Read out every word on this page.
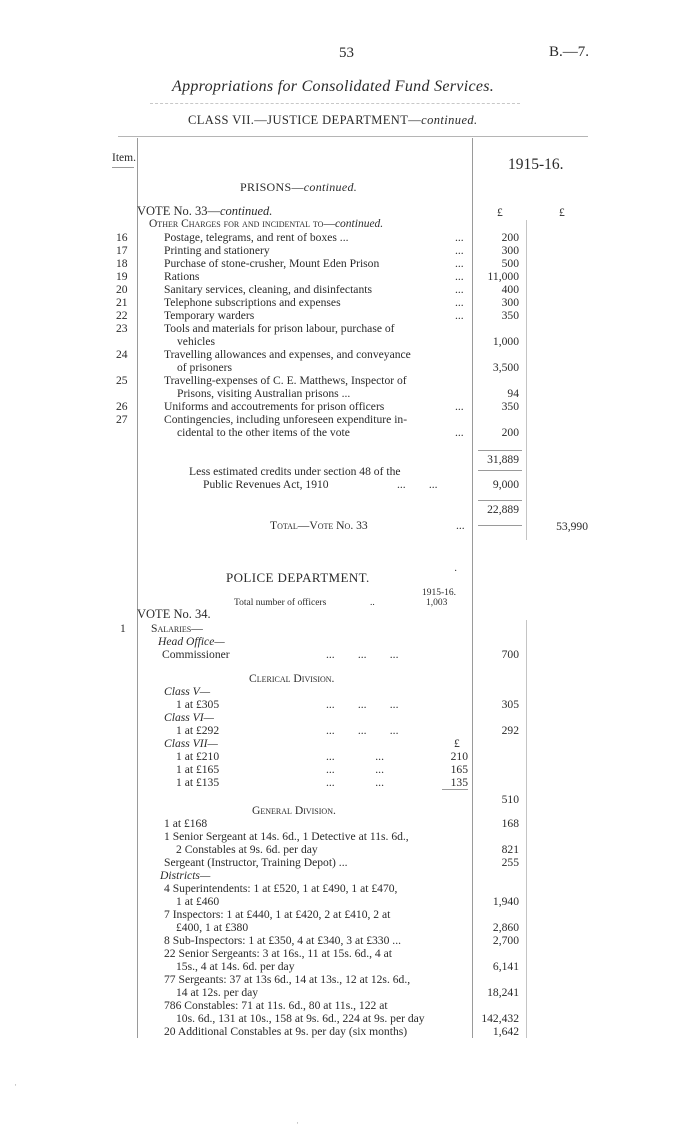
53	B.—7.
Appropriations for Consolidated Fund Services.
CLASS VII.—JUSTICE DEPARTMENT—continued.
Item.	1915-16.
PRISONS—continued.
VOTE No. 33—continued.	£	£
Other Charges for and incidental to—continued.
16	Postage, telegrams, and rent of boxes ...	...	200
17	Printing and stationery	...	300
18	Purchase of stone-crusher, Mount Eden Prison	...	500
19	Rations	...	11,000
20	Sanitary services, cleaning, and disinfectants	...	400
21	Telephone subscriptions and expenses	...	300
22	Temporary warders	...	350
23	Tools and materials for prison labour, purchase of
vehicles	1,000
24	Travelling allowances and expenses, and conveyance
of prisoners	3,500
25	Travelling-expenses of C. E. Matthews, Inspector of
Prisons, visiting Australian prisons ...	94
26	Uniforms and accoutrements for prison officers	...	350
27	Contingencies, including unforeseen expenditure in-
cidental to the other items of the vote	...	200
31,889
Less estimated credits under section 48 of the
Public Revenues Act, 1910	...        ...	9,000
22,889
Total—Vote No. 33	...	53,990
POLICE DEPARTMENT.	·
1915-16.
Total number of officers	..	1,003
VOTE No. 34.
1 Salaries—
Head Office—
Commissioner	...        ...        ...	700
Clerical Division.
Class V—
1 at £305	...        ...        ...	305
Class VI—
1 at £292	...        ...        ...	292
Class VII—	£
1 at £210	...              ...	210
1 at £165	...              ...	165
1 at £135	...              ...	135
510
General Division.
1 at £168	168
1 Senior Sergeant at 14s. 6d., 1 Detective at 11s. 6d.,
2 Constables at 9s. 6d. per day	821
Sergeant (Instructor, Training Depot) ...	255
Districts—
4 Superintendents: 1 at £520, 1 at £490, 1 at £470,
1 at £460	1,940
7 Inspectors: 1 at £440, 1 at £420, 2 at £410, 2 at
£400, 1 at £380	2,860
8 Sub-Inspectors: 1 at £350, 4 at £340, 3 at £330 ...	2,700
22 Senior Sergeants: 3 at 16s., 11 at 15s. 6d., 4 at
15s., 4 at 14s. 6d. per day	6,141
77 Sergeants: 37 at 13s 6d., 14 at 13s., 12 at 12s. 6d.,
14 at 12s. per day	18,241
786 Constables: 71 at 11s. 6d., 80 at 11s., 122 at
10s. 6d., 131 at 10s., 158 at 9s. 6d., 224 at 9s. per day	142,432
20 Additional Constables at 9s. per day (six months)	1,642
·
·
